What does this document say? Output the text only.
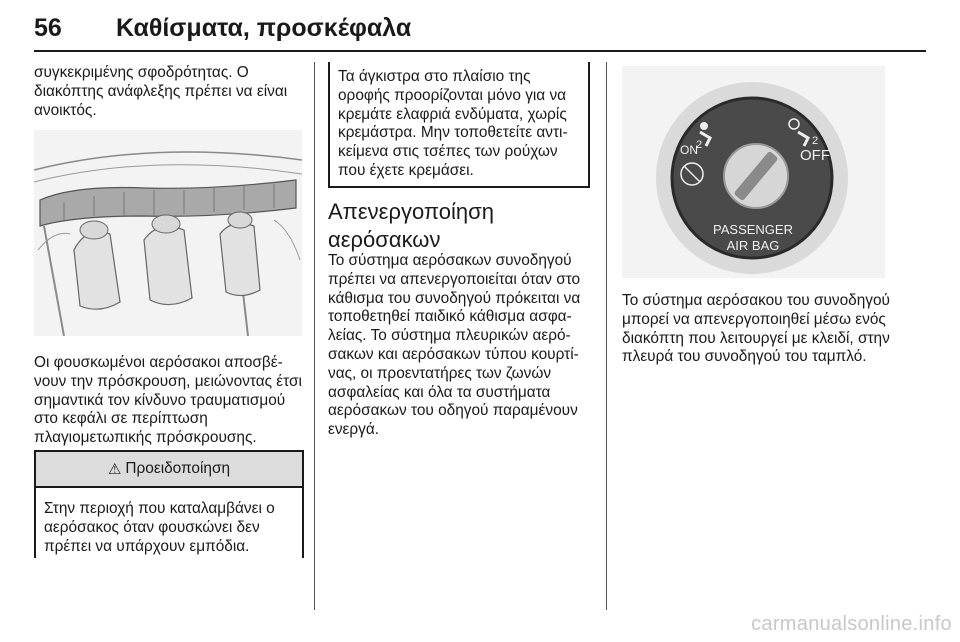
56 Καθίσματα, προσκέφαλα

συγκεκριμένης σφοδρότητας. Ο διακόπτης ανάφλεξης πρέπει να είναι ανοικτός.

Οι φουσκωμένοι αερόσακοι αποσβένουν την πρόσκρουση, μειώνοντας έτσι σημαντικά τον κίνδυνο τραυματισμού στο κεφάλι σε περίπτωση πλαγιομετωπικής πρόσκρουσης.

⚠ Προειδοποίηση

Στην περιοχή που καταλαμβάνει ο αερόσακος όταν φουσκώνει δεν πρέπει να υπάρχουν εμπόδια.

Τα άγκιστρα στο πλαίσιο της οροφής προορίζονται μόνο για να κρεμάτε ελαφριά ενδύματα, χωρίς κρεμάστρα. Μην τοποθετείτε αντικείμενα στις τσέπες των ρούχων που έχετε κρεμάσει.

Απενεργοποίηση αερόσακων

Το σύστημα αερόσακων συνοδηγού πρέπει να απενεργοποιείται όταν στο κάθισμα του συνοδηγού πρόκειται να τοποθετηθεί παιδικό κάθισμα ασφαλείας. Το σύστημα πλευρικών αερόσακων και αερόσακων τύπου κουρτίνας, οι προεντατήρες των ζωνών ασφαλείας και όλα τα συστήματα αερόσακων του οδηγού παραμένουν ενεργά.

2	2
ON	OFF
PASSENGER
AIR BAG

Το σύστημα αερόσακου του συνοδηγού μπορεί να απενεργοποιηθεί μέσω ενός διακόπτη που λειτουργεί με κλειδί, στην πλευρά του συνοδηγού του ταμπλό.

carmanualsonline.info
